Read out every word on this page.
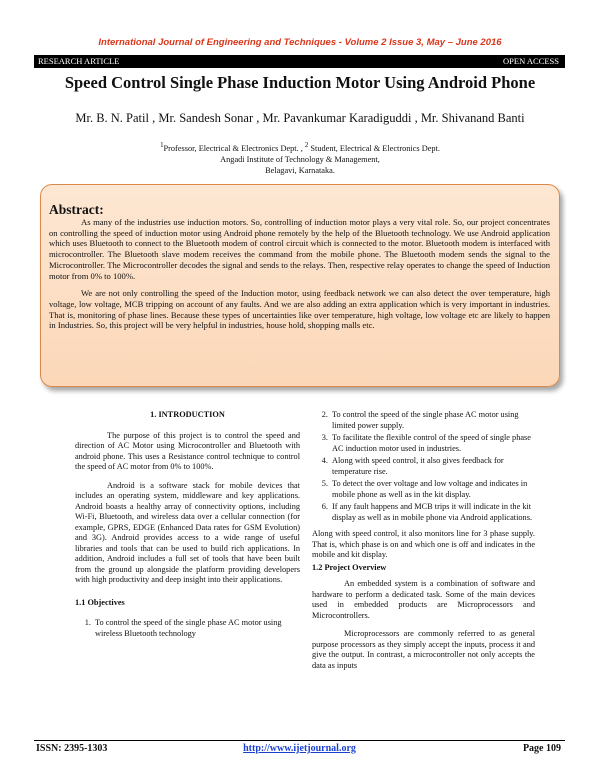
International Journal of Engineering and Techniques - Volume 2 Issue 3, May – June 2016
RESEARCH ARTICLE	OPEN ACCESS
Speed Control Single Phase Induction Motor Using Android Phone
Mr. B. N. Patil , Mr. Sandesh Sonar , Mr. Pavankumar Karadiguddi , Mr. Shivanand Banti
$^1$Professor, Electrical & Electronics Dept. , $^2$ Student, Electrical & Electronics Dept.
Angadi Institute of Technology & Management,
Belagavi, Karnataka.
Abstract:

As many of the industries use induction motors. So, controlling of induction motor plays a very vital role. So, our project concentrates on controlling the speed of induction motor using Android phone remotely by the help of the Bluetooth technology. We use Android application which uses Bluetooth to connect to the Bluetooth modem of control circuit which is connected to the motor. Bluetooth modem is interfaced with microcontroller. The Bluetooth slave modem receives the command from the mobile phone. The Bluetooth modem sends the signal to the Microcontroller. The Microcontroller decodes the signal and sends to the relays. Then, respective relay operates to change the speed of Induction motor from 0% to 100%.

We are not only controlling the speed of the Induction motor, using feedback network we can also detect the over temperature, high voltage, low voltage, MCB tripping on account of any faults. And we are also adding an extra application which is very important in industries. That is, monitoring of phase lines. Because these types of uncertainties like over temperature, high voltage, low voltage etc are likely to happen in Industries. So, this project will be very helpful in industries, house hold, shopping malls etc.

1. INTRODUCTION

The purpose of this project is to control the speed and direction of AC Motor using Microcontroller and Bluetooth with android phone. This uses a Resistance control technique to control the speed of AC motor from 0% to 100%.

Android is a software stack for mobile devices that includes an operating system, middleware and key applications. Android boasts a healthy array of connectivity options, including Wi-Fi, Bluetooth, and wireless data over a cellular connection (for example, GPRS, EDGE (Enhanced Data rates for GSM Evolution) and 3G). Android provides access to a wide range of useful libraries and tools that can be used to build rich applications. In addition, Android includes a full set of tools that have been built from the ground up alongside the platform providing developers with high productivity and deep insight into their applications.

1.1 Objectives
1. To control the speed of the single phase AC motor using wireless Bluetooth technology
2. To control the speed of the single phase AC motor using limited power supply.
3. To facilitate the flexible control of the speed of single phase AC induction motor used in industries.
4. Along with speed control, it also gives feedback for temperature rise.
5. To detect the over voltage and low voltage and indicates in mobile phone as well as in the kit display.
6. If any fault happens and MCB trips it will indicate in the kit display as well as in mobile phone via Android applications.

Along with speed control, it also monitors line for 3 phase supply. That is, which phase is on and which one is off and indicates in the mobile and kit display.

1.2 Project Overview

An embedded system is a combination of software and hardware to perform a dedicated task. Some of the main devices used in embedded products are Microprocessors and Microcontrollers.

Microprocessors are commonly referred to as general purpose processors as they simply accept the inputs, process it and give the output. In contrast, a microcontroller not only accepts the data as inputs

ISSN: 2395-1303	http://www.ijetjournal.org	Page 109
